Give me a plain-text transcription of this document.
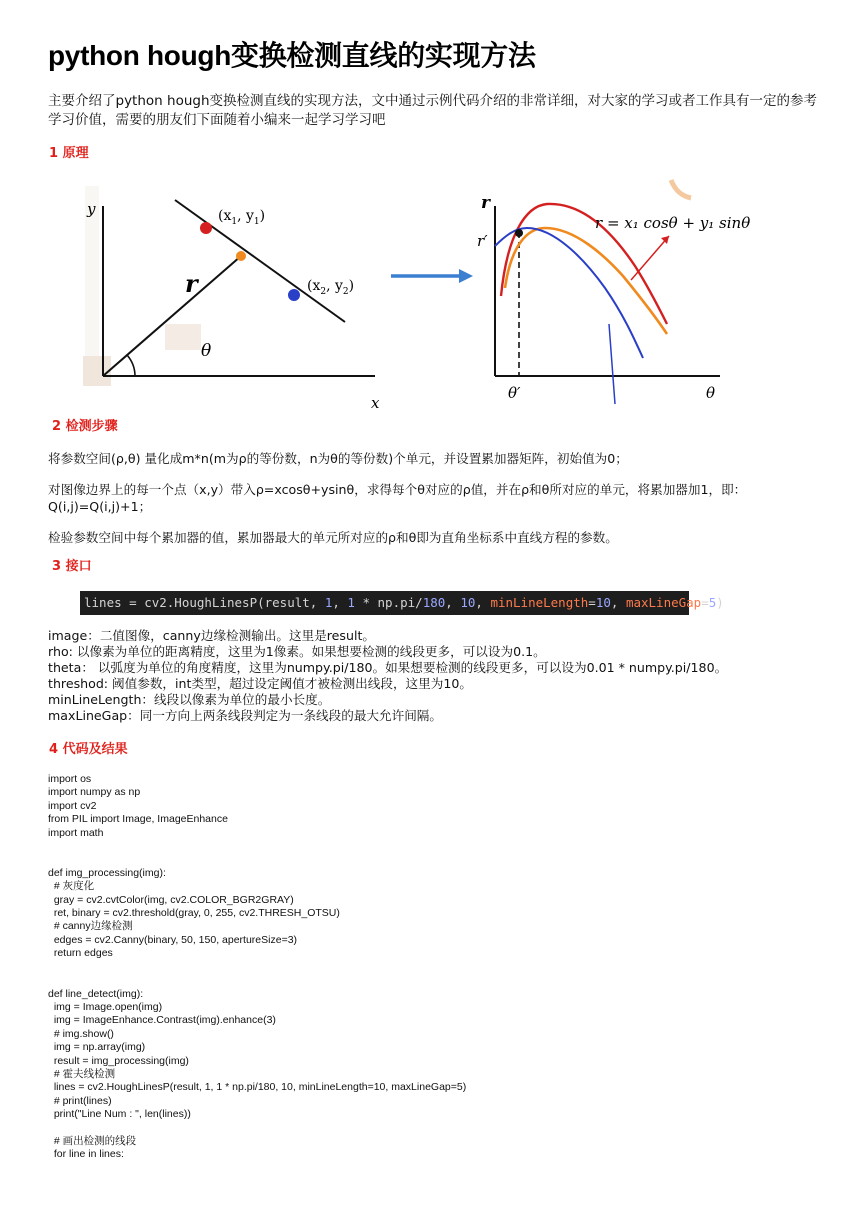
python hough变换检测直线的实现方法

主要介绍了python hough变换检测直线的实现方法，文中通过示例代码介绍的非常详细，对大家的学习或者工作具有一定的参考学习价值，需要的朋友们下面随着小编来一起学习学习吧

1 原理
y
x
($x_1$, $y_1$)
($x_2$, $y_2$)
r
θ
r
r′
θ
θ′
r = x₁ cosθ + y₁ sinθ
2 检测步骤

将参数空间(ρ,θ) 量化成m*n(m为ρ的等份数，n为θ的等份数)个单元，并设置累加器矩阵，初始值为0；

对图像边界上的每一个点（x,y）带入ρ=xcosθ+ysinθ，求得每个θ对应的ρ值，并在ρ和θ所对应的单元，将累加器加1，即：Q(i,j)=Q(i,j)+1；

检验参数空间中每个累加器的值，累加器最大的单元所对应的ρ和θ即为直角坐标系中直线方程的参数。

3 接口
lines = cv2.HoughLinesP(result, 1, 1 * np.pi/180, 10, minLineLength=10, maxLineGap=5)
image：二值图像，canny边缘检测输出。这里是result。
rho: 以像素为单位的距离精度，这里为1像素。如果想要检测的线段更多，可以设为0.1。
theta： 以弧度为单位的角度精度，这里为numpy.pi/180。如果想要检测的线段更多，可以设为0.01 * numpy.pi/180。
threshod: 阈值参数，int类型，超过设定阈值才被检测出线段，这里为10。
minLineLength：线段以像素为单位的最小长度。
maxLineGap：同一方向上两条线段判定为一条线段的最大允许间隔。
4 代码及结果
import os
import numpy as np
import cv2
from PIL import Image, ImageEnhance
import math

def img_processing(img):
# 灰度化
gray = cv2.cvtColor(img, cv2.COLOR_BGR2GRAY)
ret, binary = cv2.threshold(gray, 0, 255, cv2.THRESH_OTSU)
# canny边缘检测
edges = cv2.Canny(binary, 50, 150, apertureSize=3)
return edges

def line_detect(img):
img = Image.open(img)
img = ImageEnhance.Contrast(img).enhance(3)
# img.show()
img = np.array(img)
result = img_processing(img)
# 霍夫线检测
lines = cv2.HoughLinesP(result, 1, 1 * np.pi/180, 10, minLineLength=10, maxLineGap=5)
# print(lines)
print("Line Num : ", len(lines))

# 画出检测的线段
for line in lines:
